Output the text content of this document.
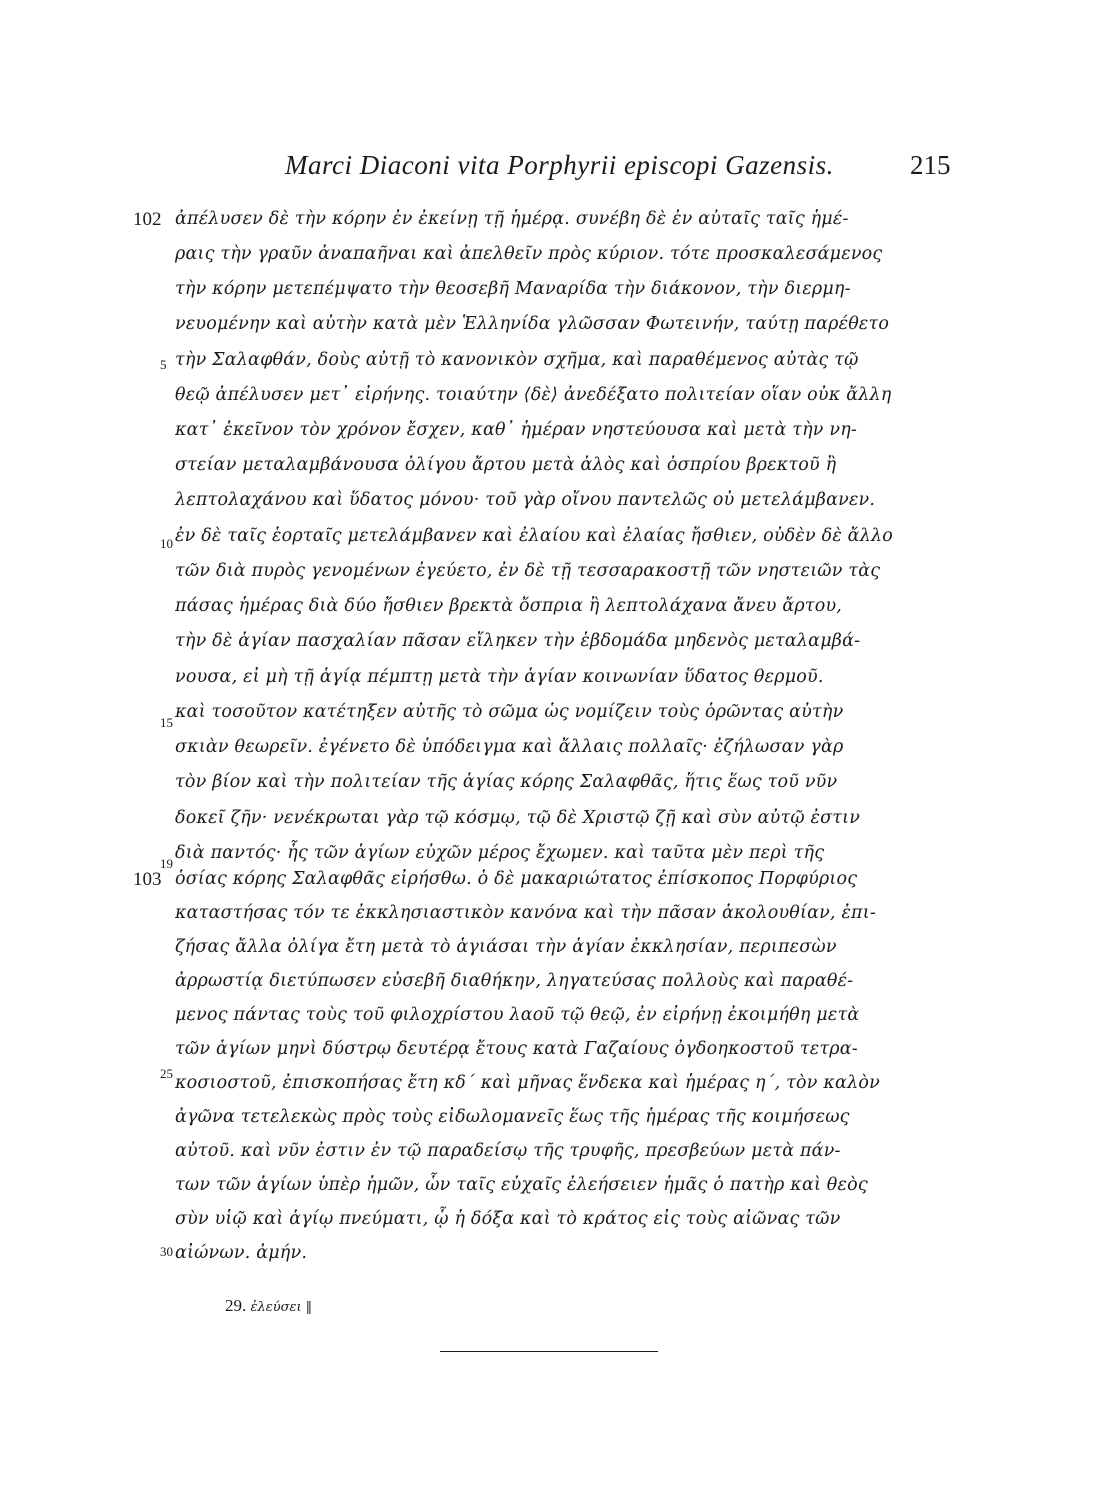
Marci Diaconi vita Porphyrii episcopi Gazensis.	215
102
103
5
10
15
19
25
30
ἀπέλυσεν δὲ τὴν κόρην ἐν ἐκείνῃ τῇ ἡμέρᾳ. συνέβη δὲ ἐν αὐταῖς ταῖς ἡμέ-
ραις τὴν γραῦν ἀναπαῆναι καὶ ἀπελθεῖν πρὸς κύριον. τότε προσκαλεσάμενος
τὴν κόρην μετεπέμψατο τὴν θεοσεβῆ Μαναρίδα τὴν διάκονον, τὴν διερμη-
νευομένην καὶ αὐτὴν κατὰ μὲν Ἑλληνίδα γλῶσσαν Φωτεινήν, ταύτῃ παρέθετο
τὴν Σαλαφθάν, δοὺς αὐτῇ τὸ κανονικὸν σχῆμα, καὶ παραθέμενος αὐτὰς τῷ
θεῷ ἀπέλυσεν μετ᾽ εἰρήνης. τοιαύτην ⟨δὲ⟩ ἀνεδέξατο πολιτείαν οἵαν οὐκ ἄλλη
κατ᾽ ἐκεῖνον τὸν χρόνον ἔσχεν, καθ᾽ ἡμέραν νηστεύουσα καὶ μετὰ τὴν νη-
στείαν μεταλαμβάνουσα ὀλίγου ἄρτου μετὰ ἁλὸς καὶ ὀσπρίου βρεκτοῦ ἢ
λεπτολαχάνου καὶ ὕδατος μόνου· τοῦ γὰρ οἴνου παντελῶς οὐ μετελάμβανεν.
ἐν δὲ ταῖς ἑορταῖς μετελάμβανεν καὶ ἐλαίου καὶ ἐλαίας ἤσθιεν, οὐδὲν δὲ ἄλλο
τῶν διὰ πυρὸς γενομένων ἐγεύετο, ἐν δὲ τῇ τεσσαρακοστῇ τῶν νηστειῶν τὰς
πάσας ἡμέρας διὰ δύο ἤσθιεν βρεκτὰ ὄσπρια ἢ λεπτολάχανα ἄνευ ἄρτου,
τὴν δὲ ἁγίαν πασχαλίαν πᾶσαν εἴληκεν τὴν ἑβδομάδα μηδενὸς μεταλαμβά-
νουσα, εἰ μὴ τῇ ἁγίᾳ πέμπτῃ μετὰ τὴν ἁγίαν κοινωνίαν ὕδατος θερμοῦ.
καὶ τοσοῦτον κατέτηξεν αὐτῆς τὸ σῶμα ὡς νομίζειν τοὺς ὁρῶντας αὐτὴν
σκιὰν θεωρεῖν. ἐγένετο δὲ ὑπόδειγμα καὶ ἄλλαις πολλαῖς· ἐζήλωσαν γὰρ
τὸν βίον καὶ τὴν πολιτείαν τῆς ἁγίας κόρης Σαλαφθᾶς, ἥτις ἕως τοῦ νῦν
δοκεῖ ζῆν· νενέκρωται γὰρ τῷ κόσμῳ, τῷ δὲ Χριστῷ ζῇ καὶ σὺν αὐτῷ ἐστιν
διὰ παντός· ἧς τῶν ἁγίων εὐχῶν μέρος ἔχωμεν. καὶ ταῦτα μὲν περὶ τῆς
ὁσίας κόρης Σαλαφθᾶς εἰρήσθω. ὁ δὲ μακαριώτατος ἐπίσκοπος Πορφύριος
καταστήσας τόν τε ἐκκλησιαστικὸν κανόνα καὶ τὴν πᾶσαν ἀκολουθίαν, ἐπι-
ζήσας ἄλλα ὀλίγα ἔτη μετὰ τὸ ἁγιάσαι τὴν ἁγίαν ἐκκλησίαν, περιπεσὼν
ἀρρωστίᾳ διετύπωσεν εὐσεβῆ διαθήκην, ληγατεύσας πολλοὺς καὶ παραθέ-
μενος πάντας τοὺς τοῦ φιλοχρίστου λαοῦ τῷ θεῷ, ἐν εἰρήνῃ ἐκοιμήθη μετὰ
τῶν ἁγίων μηνὶ δύστρῳ δευτέρᾳ ἔτους κατὰ Γαζαίους ὀγδοηκοστοῦ τετρα-
κοσιοστοῦ, ἐπισκοπήσας ἔτη κδ´ καὶ μῆνας ἕνδεκα καὶ ἡμέρας η´, τὸν καλὸν
ἀγῶνα τετελεκὼς πρὸς τοὺς εἰδωλομανεῖς ἕως τῆς ἡμέρας τῆς κοιμήσεως
αὐτοῦ. καὶ νῦν ἐστιν ἐν τῷ παραδείσῳ τῆς τρυφῆς, πρεσβεύων μετὰ πάν-
των τῶν ἁγίων ὑπὲρ ἡμῶν, ὧν ταῖς εὐχαῖς ἐλεήσειεν ἡμᾶς ὁ πατὴρ καὶ θεὸς
σὺν υἱῷ καὶ ἁγίῳ πνεύματι, ᾧ ἡ δόξα καὶ τὸ κράτος εἰς τοὺς αἰῶνας τῶν
αἰώνων. ἀμήν.
29. ἐλεύσει ‖
